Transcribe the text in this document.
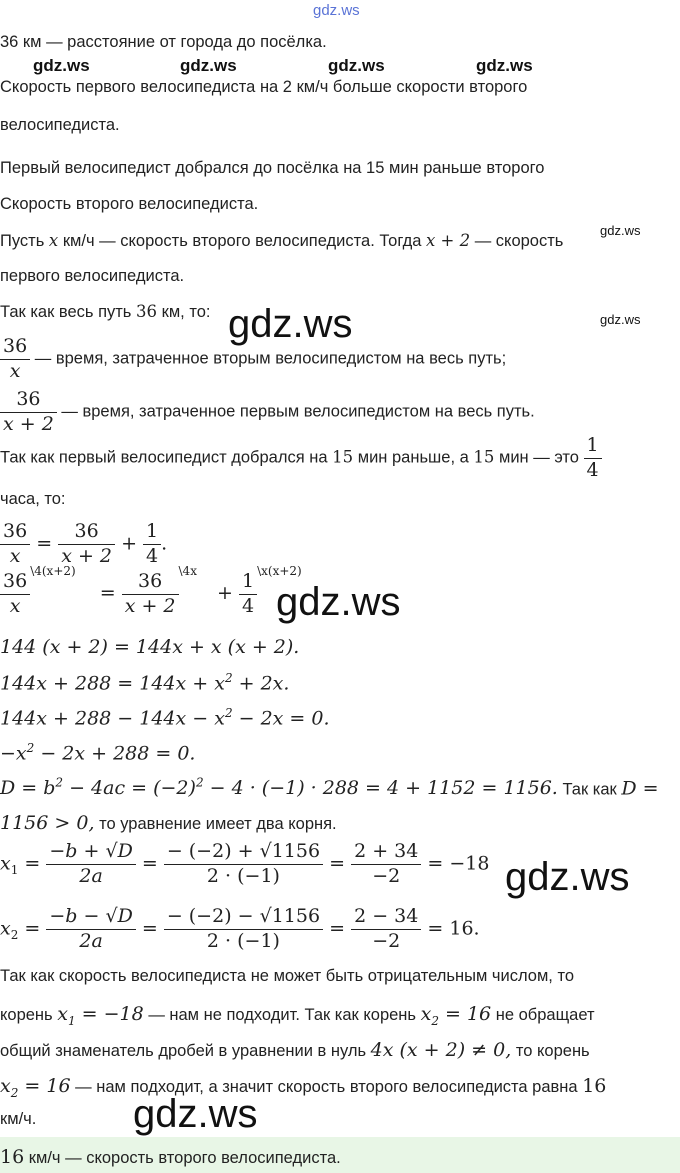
gdz.ws
gdz.ws	gdz.ws	gdz.ws	gdz.ws
gdz.ws
gdz.ws
gdz.ws
gdz.ws
gdz.ws
gdz.ws
36 км — расстояние от города до посёлка.
Скорость первого велосипедиста на 2 км/ч больше скорости второго
велосипедиста.
Первый велосипедист добрался до посёлка на 15 мин раньше второго
Скорость второго велосипедиста.
Пусть x км/ч — скорость второго велосипедиста. Тогда x + 2 — скорость
первого велосипедиста.
Так как весь путь 36 км, то:
$\frac{36}{x}$ — время, затраченное вторым велосипедистом на весь путь;
$\frac{36}{x + 2}$ — время, затраченное первым велосипедистом на весь путь.
Так как первый велосипедист добрался на 15 мин раньше, а 15 мин — это $\frac{1}{4}$
часа, то:
$\frac{36}{x} = \frac{36}{x + 2} + \frac{1}{4}$ .
$\frac{36}{x} ^{\backslash 4(x+2)} = \frac{36}{x + 2} ^{\backslash 4x} + \frac{1}{4} ^{\backslash x(x+2)}$
144 (x + 2) = 144x + x (x + 2).
$144x + 288 = 144x + x^2 + 2x$.
$144x + 288 - 144x - x^2 - 2x = 0$.
$-x^2 - 2x + 288 = 0$.
$D = b^2 - 4ac = (-2)^2 - 4 \cdot (-1) \cdot 288 = 4 + 1152 = 1156$. Так как D =
1156 > 0, то уравнение имеет два корня.
$x_1 = \frac{-b + √D}{2a} = \frac{- (-2) + √1156}{2 \cdot (-1)} = \frac{2 + 34}{-2} = -18$
$x_2 = \frac{-b - √D}{2a} = \frac{- (-2) - √1156}{2 \cdot (-1)} = \frac{2 - 34}{-2} = 16$.
Так как скорость велосипедиста не может быть отрицательным числом, то
корень $x_1 = -18$ — нам не подходит. Так как корень $x_2 = 16$ не обращает
общий знаменатель дробей в уравнении в нуль 4x (x + 2) ≠ 0, то корень
$x_2 = 16$ — нам подходит, а значит скорость второго велосипедиста равна 16
км/ч.
16 км/ч — скорость второго велосипедиста.
